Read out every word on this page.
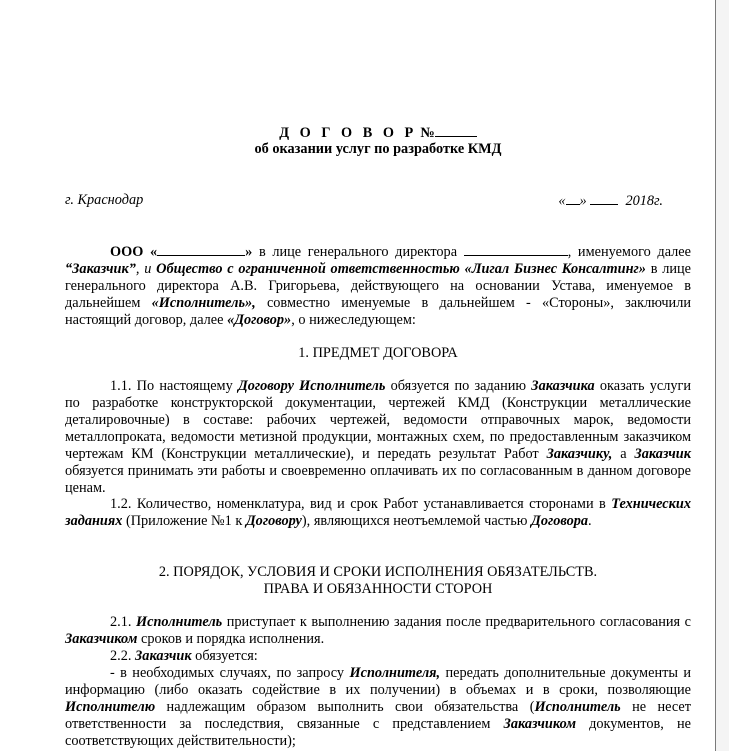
Д О Г О В О Р №
об оказании услуг по разработке КМД
г. Краснодар	« »	2018г.
ООО «	» в лице генерального директора	, именуемого далее “Заказчик”, и Общество с ограниченной ответственностью «Лигал Бизнес Консалтинг» в лице генерального директора А.В. Григорьева, действующего на основании Устава, именуемое в дальнейшем «Исполнитель», совместно именуемые в дальнейшем - «Стороны», заключили настоящий договор, далее «Договор», о нижеследующем:
1. ПРЕДМЕТ ДОГОВОРА
1.1. По настоящему Договору Исполнитель обязуется по заданию Заказчика оказать услуги по разработке конструкторской документации, чертежей КМД (Конструкции металлические деталировочные) в составе: рабочих чертежей, ведомости отправочных марок, ведомости металлопроката, ведомости метизной продукции, монтажных схем, по предоставленным заказчиком чертежам КМ (Конструкции металлические), и передать результат Работ Заказчику, а Заказчик обязуется принимать эти работы и своевременно оплачивать их по согласованным в данном договоре ценам.
1.2. Количество, номенклатура, вид и срок Работ устанавливается сторонами в Технических заданиях (Приложение №1 к Договору), являющихся неотъемлемой частью Договора.
2. ПОРЯДОК, УСЛОВИЯ И СРОКИ ИСПОЛНЕНИЯ ОБЯЗАТЕЛЬСТВ.
ПРАВА И ОБЯЗАННОСТИ СТОРОН
2.1. Исполнитель приступает к выполнению задания после предварительного согласования с Заказчиком сроков и порядка исполнения.
2.2. Заказчик обязуется:
- в необходимых случаях, по запросу Исполнителя, передать дополнительные документы и информацию (либо оказать содействие в их получении) в объемах и в сроки, позволяющие Исполнителю надлежащим образом выполнить свои обязательства (Исполнитель не несет ответственности за последствия, связанные с представлением Заказчиком документов, не соответствующих действительности);
